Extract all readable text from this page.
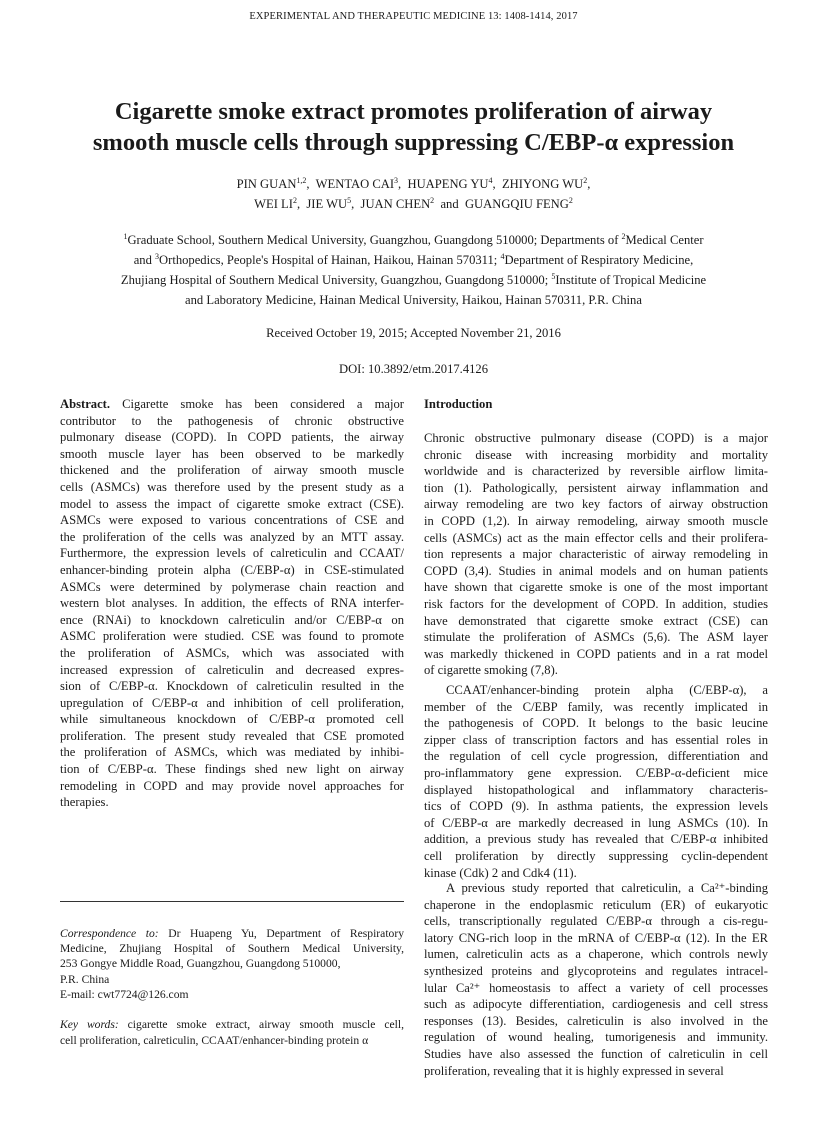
EXPERIMENTAL AND THERAPEUTIC MEDICINE 13: 1408-1414, 2017
Cigarette smoke extract promotes proliferation of airway
smooth muscle cells through suppressing C/EBP-α expression
PIN GUAN$^{1,2}$,  WENTAO CAI$^3$,  HUAPENG $YU^4$,  ZHIYONG $WU^2$,
WEI $LI^2$,  JIE $WU^5$,  JUAN CHEN$^2$  and  GUANGQIU FENG$^2$
$^1$Graduate School, Southern Medical University, Guangzhou, Guangdong 510000; Departments of $^2$Medical Center
and $^3$Orthopedics, People's Hospital of Hainan, Haikou, Hainan 570311; $^4$Department of Respiratory Medicine,
Zhujiang Hospital of Southern Medical University, Guangzhou, Guangdong 510000; $^5$Institute of Tropical Medicine
and Laboratory Medicine, Hainan Medical University, Haikou, Hainan 570311, P.R. China
Received October 19, 2015; Accepted November 21, 2016
DOI: 10.3892/etm.2017.4126
Abstract. Cigarette smoke has been considered a major
contributor to the pathogenesis of chronic obstructive
pulmonary disease (COPD). In COPD patients, the airway
smooth muscle layer has been observed to be markedly
thickened and the proliferation of airway smooth muscle
cells (ASMCs) was therefore used by the present study as a
model to assess the impact of cigarette smoke extract (CSE).
ASMCs were exposed to various concentrations of CSE and
the proliferation of the cells was analyzed by an MTT assay.
Furthermore, the expression levels of calreticulin and CCAAT/
enhancer-binding protein alpha (C/EBP-α) in CSE-stimulated
ASMCs were determined by polymerase chain reaction and
western blot analyses. In addition, the effects of RNA interfer-
ence (RNAi) to knockdown calreticulin and/or C/EBP-α on
ASMC proliferation were studied. CSE was found to promote
the proliferation of ASMCs, which was associated with
increased expression of calreticulin and decreased expres-
sion of C/EBP-α. Knockdown of calreticulin resulted in the
upregulation of C/EBP-α and inhibition of cell proliferation,
while simultaneous knockdown of C/EBP-α promoted cell
proliferation. The present study revealed that CSE promoted
the proliferation of ASMCs, which was mediated by inhibi-
tion of C/EBP-α. These findings shed new light on airway
remodeling in COPD and may provide novel approaches for
therapies.
Correspondence to: Dr Huapeng Yu, Department of Respiratory
Medicine, Zhujiang Hospital of Southern Medical University,
253 Gongye Middle Road, Guangzhou, Guangdong 510000,
P.R. China
E-mail: cwt7724@126.com
Key words: cigarette smoke extract, airway smooth muscle cell,
cell proliferation, calreticulin, CCAAT/enhancer-binding protein α
Introduction
Chronic obstructive pulmonary disease (COPD) is a major
chronic disease with increasing morbidity and mortality
worldwide and is characterized by reversible airflow limita-
tion (1). Pathologically, persistent airway inflammation and
airway remodeling are two key factors of airway obstruction
in COPD (1,2). In airway remodeling, airway smooth muscle
cells (ASMCs) act as the main effector cells and their prolifera-
tion represents a major characteristic of airway remodeling in
COPD (3,4). Studies in animal models and on human patients
have shown that cigarette smoke is one of the most important
risk factors for the development of COPD. In addition, studies
have demonstrated that cigarette smoke extract (CSE) can
stimulate the proliferation of ASMCs (5,6). The ASM layer
was markedly thickened in COPD patients and in a rat model
of cigarette smoking (7,8).
CCAAT/enhancer-binding protein alpha (C/EBP-α), a
member of the C/EBP family, was recently implicated in
the pathogenesis of COPD. It belongs to the basic leucine
zipper class of transcription factors and has essential roles in
the regulation of cell cycle progression, differentiation and
pro-inflammatory gene expression. C/EBP-α-deficient mice
displayed histopathological and inflammatory characteris-
tics of COPD (9). In asthma patients, the expression levels
of C/EBP-α are markedly decreased in lung ASMCs (10). In
addition, a previous study has revealed that C/EBP-α inhibited
cell proliferation by directly suppressing cyclin-dependent
kinase (Cdk) 2 and Cdk4 (11).
A previous study reported that calreticulin, a Ca²⁺-binding
chaperone in the endoplasmic reticulum (ER) of eukaryotic
cells, transcriptionally regulated C/EBP-α through a cis-regu-
latory CNG-rich loop in the mRNA of C/EBP-α (12). In the ER
lumen, calreticulin acts as a chaperone, which controls newly
synthesized proteins and glycoproteins and regulates intracel-
lular Ca²⁺ homeostasis to affect a variety of cell processes
such as adipocyte differentiation, cardiogenesis and cell stress
responses (13). Besides, calreticulin is also involved in the
regulation of wound healing, tumorigenesis and immunity.
Studies have also assessed the function of calreticulin in cell
proliferation, revealing that it is highly expressed in several
